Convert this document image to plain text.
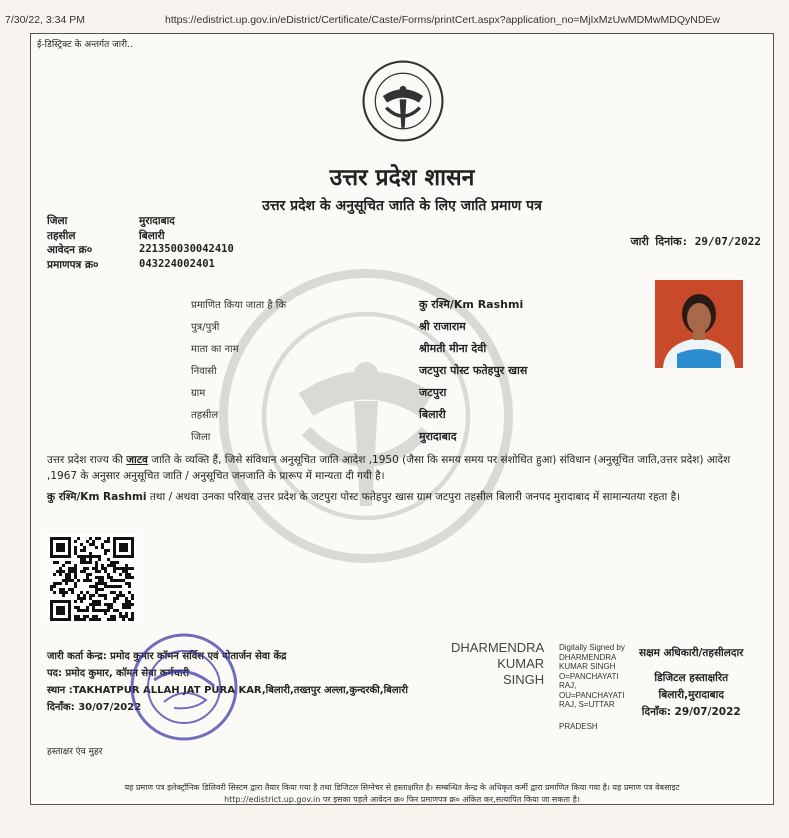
7/30/22, 3:34 PM	https://edistrict.up.gov.in/eDistrict/Certificate/Caste/Forms/printCert.aspx?application_no=MjIxMzUwMDMwMDQyNDEw
ई-डिस्ट्रिक्ट के अन्तर्गत जारी..
उत्तर प्रदेश शासन
उत्तर प्रदेश के अनुसूचित जाति के लिए जाति प्रमाण पत्र
जिला	मुरादाबाद
तहसील	बिलारी
आवेदन क्र०	221350030042410
प्रमाणपत्र क्र०	043224002401
जारी दिनांक: 29/07/2022
प्रमाणित किया जाता है कि	कु रश्मि/Km Rashmi
पुत्र/पुत्री	श्री राजाराम
माता का नाम	श्रीमती मीना देवी
निवासी	जटपुरा पोस्ट फतेहपुर खास
ग्राम	जटपुरा
तहसील	बिलारी
जिला	मुरादाबाद
उत्तर प्रदेश राज्य की जाटव जाति के व्यक्ति हैं, जिसे संविधान अनुसूचित जाति आदेश ,1950 (जैसा कि समय समय पर संशोधित हुआ) संविधान (अनुसूचित जाति,उत्तर प्रदेश) आदेश ,1967 के अनुसार अनुसूचित जाति / अनुसूचित जनजाति के प्रारूप में मान्यता दी गयी है।
कु रश्मि/Km Rashmi तथा / अथवा उनका परिवार उत्तर प्रदेश के जटपुरा पोस्ट फतेहपुर खास ग्राम जटपुरा तहसील बिलारी जनपद मुरादाबाद में सामान्यतया रहता है।
जारी कर्ता केन्द्र: प्रमोद कुमार कॉमन सर्विस एवं पोतार्जन सेवा केंद्र
पद: प्रमोद कुमार, कॉमन सेवा कर्मचारी
स्थान :TAKHATPUR ALLAH JAT PURA KAR,बिलारी,तख्तपुर अल्ला,कुन्दरकी,बिलारी
दिनाँक: 30/07/2022
DHARMENDRA
KUMAR
SINGH
Digitally Signed by
DHARMENDRA
KUMAR SINGH
O=PANCHAYATI
RAJ,
OU=PANCHAYATI
RAJ, S=UTTAR
PRADESH
सक्षम अधिकारी/तहसीलदार
डिजिटल हस्ताक्षरित
बिलारी,मुरादाबाद
दिनाँक: 29/07/2022
हस्ताक्षर एंव मुहर
यह प्रमाण पत्र इलेक्ट्रॉनिक डिलिवरी सिस्टम द्वारा तैयार किया गया है तथा डिजिटल सिग्नेचर से हस्ताक्षरित है। सम्बन्धित केन्द्र के अधिकृत कर्मी द्वारा प्रमाणित किया गया है। यह प्रमाण पत्र वेबसाइट
http://edistrict.up.gov.in पर इसका पहले आवेदन क्र० फिर प्रमाणपत्र क्र० अंकित कर,सत्यापित किया जा सकता है।
